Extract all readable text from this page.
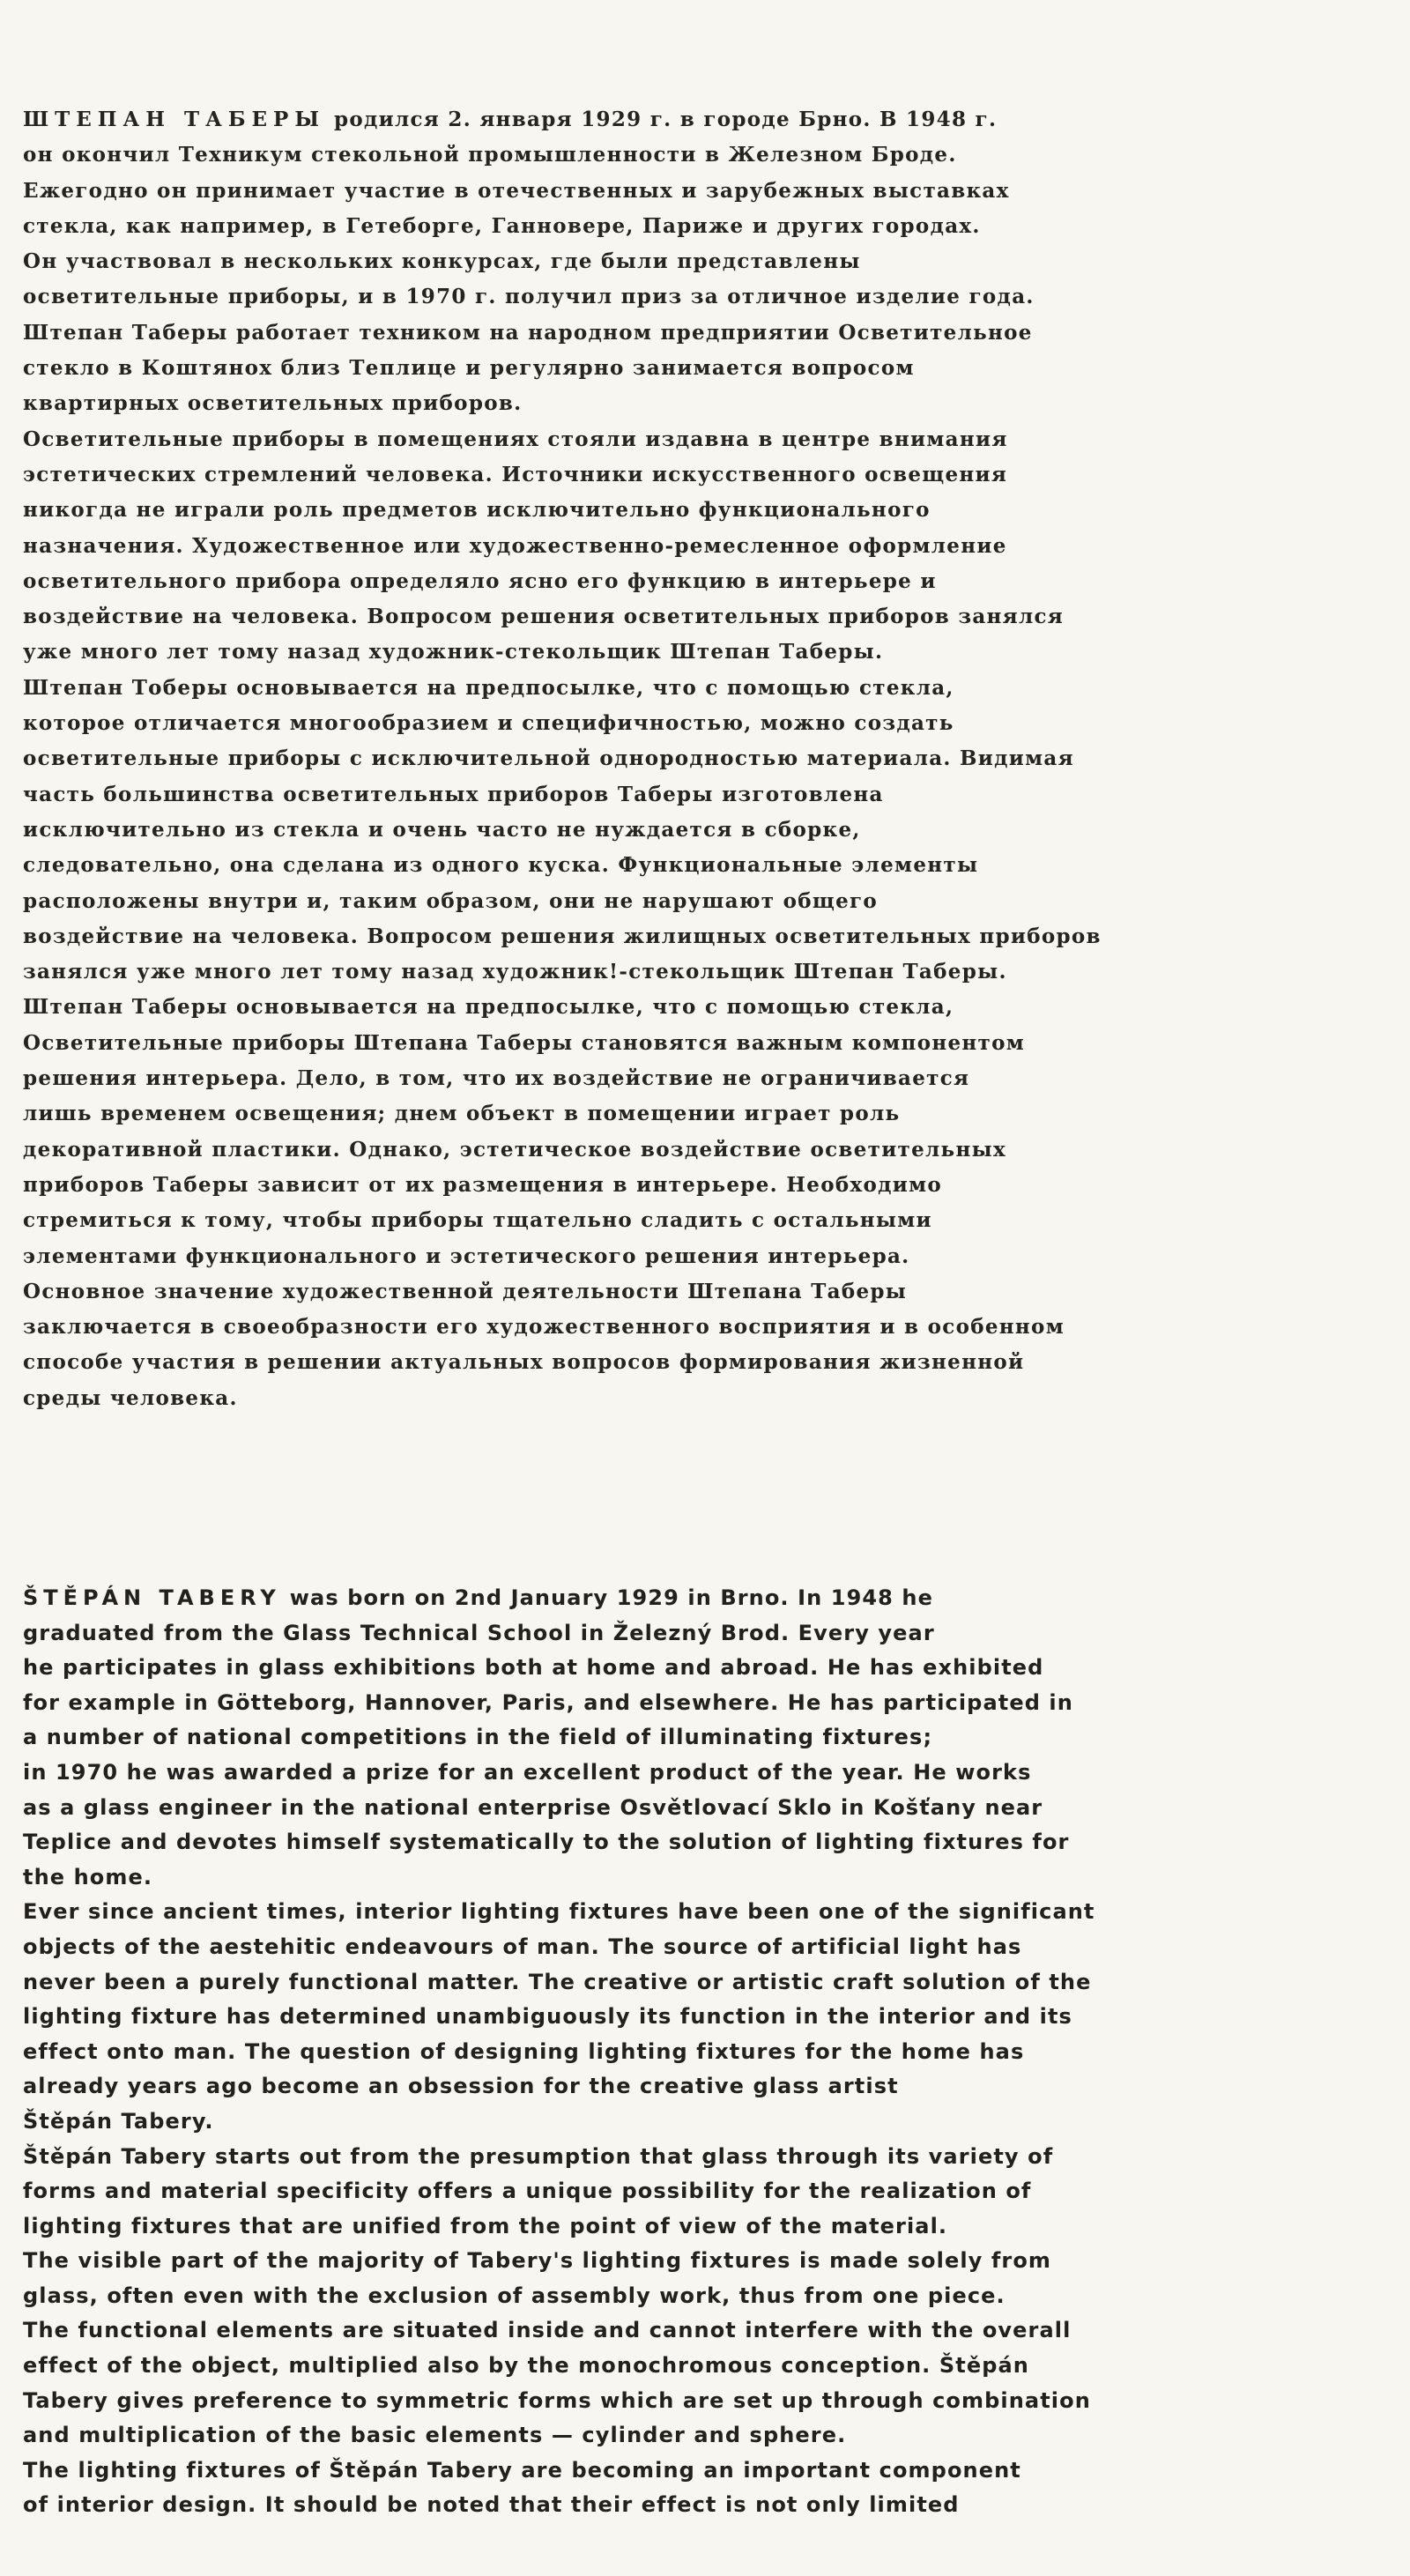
ШТЕПАН ТАБЕРЫ родился 2. января 1929 г. в городе Брно. В 1948 г.
он окончил Техникум стекольной промышленности в Железном Броде.
Ежегодно он принимает участие в отечественных и зарубежных выставках
стекла, как например, в Гетеборге, Ганновере, Париже и других городах.
Он участвовал в нескольких конкурсах, где были представлены
осветительные приборы, и в 1970 г. получил приз за отличное изделие года.
Штепан Таберы работает техником на народном предприятии Осветительное
стекло в Коштянох близ Теплице и регулярно занимается вопросом
квартирных осветительных приборов.
Осветительные приборы в помещениях стояли издавна в центре внимания
эстетических стремлений человека. Источники искусственного освещения
никогда не играли роль предметов исключительно функционального
назначения. Художественное или художественно-ремесленное оформление
осветительного прибора определяло ясно его функцию в интерьере и
воздействие на человека. Вопросом решения осветительных приборов занялся
уже много лет тому назад художник-стекольщик Штепан Таберы.
Штепан Тоберы основывается на предпосылке, что с помощью стекла,
которое отличается многообразием и специфичностью, можно создать
осветительные приборы с исключительной однородностью материала. Видимая
часть большинства осветительных приборов Таберы изготовлена
исключительно из стекла и очень часто не нуждается в сборке,
следовательно, она сделана из одного куска. Функциональные элементы
расположены внутри и, таким образом, они не нарушают общего
воздействие на человека. Вопросом решения жилищных осветительных приборов
занялся уже много лет тому назад художник!-стекольщик Штепан Таберы.
Штепан Таберы основывается на предпосылке, что с помощью стекла,
Осветительные приборы Штепана Таберы становятся важным компонентом
решения интерьера. Дело, в том, что их воздействие не ограничивается
лишь временем освещения; днем объект в помещении играет роль
декоративной пластики. Однако, эстетическое воздействие осветительных
приборов Таберы зависит от их размещения в интерьере. Необходимо
стремиться к тому, чтобы приборы тщательно сладить с остальными
элементами функционального и эстетического решения интерьера.
Основное значение художественной деятельности Штепана Таберы
заключается в своеобразности его художественного восприятия и в особенном
способе участия в решении актуальных вопросов формирования жизненной
среды человека.
ŠTĚPÁN TABERY was born on 2nd January 1929 in Brno. In 1948 he
graduated from the Glass Technical School in Železný Brod. Every year
he participates in glass exhibitions both at home and abroad. He has exhibited
for example in Götteborg, Hannover, Paris, and elsewhere. He has participated in
a number of national competitions in the field of illuminating fixtures;
in 1970 he was awarded a prize for an excellent product of the year. He works
as a glass engineer in the national enterprise Osvětlovací Sklo in Košťany near
Teplice and devotes himself systematically to the solution of lighting fixtures for
the home.
Ever since ancient times, interior lighting fixtures have been one of the significant
objects of the aestehitic endeavours of man. The source of artificial light has
never been a purely functional matter. The creative or artistic craft solution of the
lighting fixture has determined unambiguously its function in the interior and its
effect onto man. The question of designing lighting fixtures for the home has
already years ago become an obsession for the creative glass artist
Štěpán Tabery.
Štěpán Tabery starts out from the presumption that glass through its variety of
forms and material specificity offers a unique possibility for the realization of
lighting fixtures that are unified from the point of view of the material.
The visible part of the majority of Tabery's lighting fixtures is made solely from
glass, often even with the exclusion of assembly work, thus from one piece.
The functional elements are situated inside and cannot interfere with the overall
effect of the object, multiplied also by the monochromous conception. Štěpán
Tabery gives preference to symmetric forms which are set up through combination
and multiplication of the basic elements — cylinder and sphere.
The lighting fixtures of Štěpán Tabery are becoming an important component
of interior design. It should be noted that their effect is not only limited
